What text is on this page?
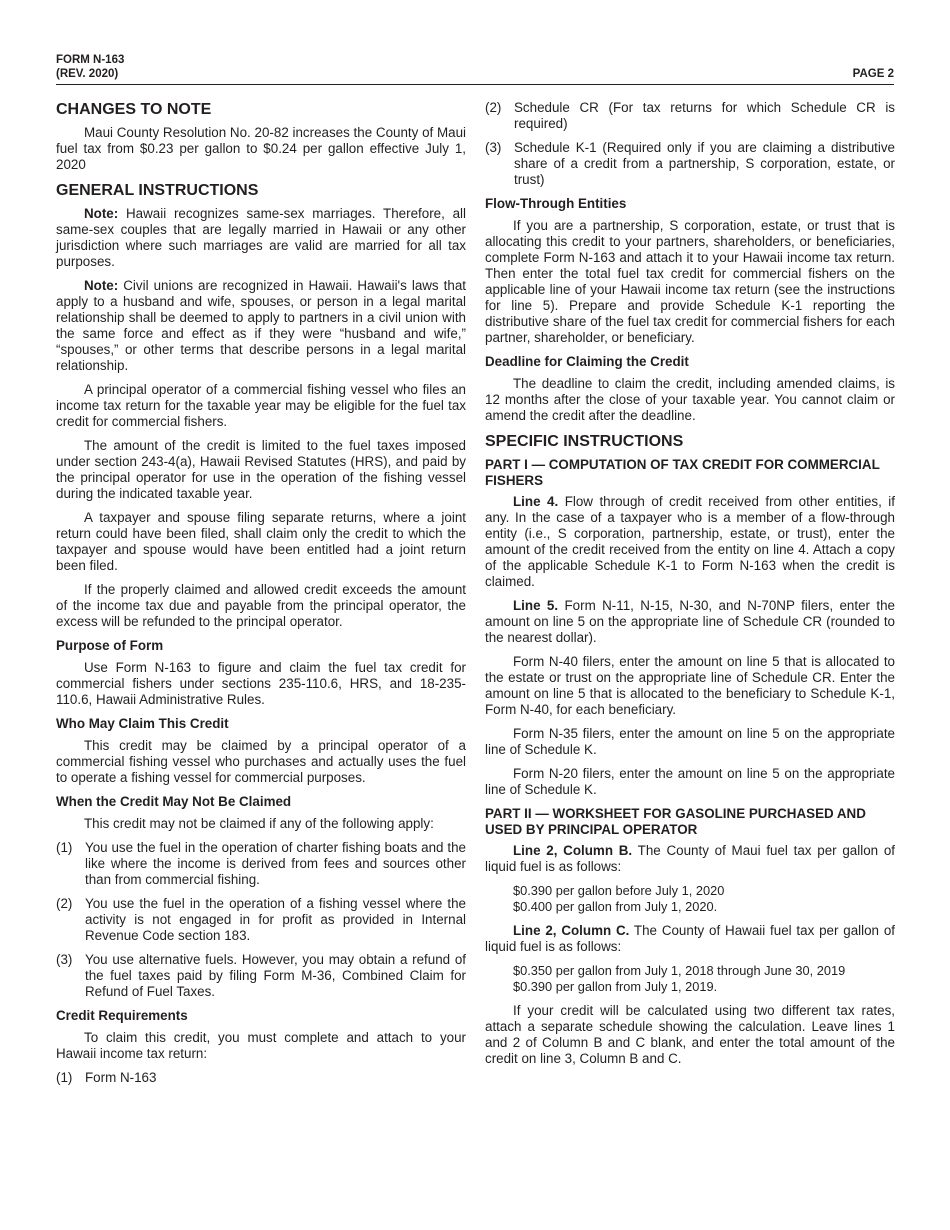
FORM N-163
(REV. 2020)	PAGE 2
CHANGES TO NOTE

Maui County Resolution No. 20-82 increases the County of Maui fuel tax from $0.23 per gallon to $0.24 per gallon effective July 1, 2020

GENERAL INSTRUCTIONS

Note: Hawaii recognizes same-sex marriages. Therefore, all same-sex couples that are legally married in Hawaii or any other jurisdiction where such marriages are valid are married for all tax purposes.

Note: Civil unions are recognized in Hawaii. Hawaii's laws that apply to a husband and wife, spouses, or person in a legal marital relationship shall be deemed to apply to partners in a civil union with the same force and effect as if they were “husband and wife,” “spouses,” or other terms that describe persons in a legal marital relationship.

A principal operator of a commercial fishing vessel who files an income tax return for the taxable year may be eligible for the fuel tax credit for commercial fishers.

The amount of the credit is limited to the fuel taxes imposed under section 243-4(a), Hawaii Revised Statutes (HRS), and paid by the principal operator for use in the operation of the fishing vessel during the indicated taxable year.

A taxpayer and spouse filing separate returns, where a joint return could have been filed, shall claim only the credit to which the taxpayer and spouse would have been entitled had a joint return been filed.

If the properly claimed and allowed credit exceeds the amount of the income tax due and payable from the principal operator, the excess will be refunded to the principal operator.

Purpose of Form

Use Form N-163 to figure and claim the fuel tax credit for commercial fishers under sections 235-110.6, HRS, and 18-235-110.6, Hawaii Administrative Rules.

Who May Claim This Credit

This credit may be claimed by a principal operator of a commercial fishing vessel who purchases and actually uses the fuel to operate a fishing vessel for commercial purposes.

When the Credit May Not Be Claimed

This credit may not be claimed if any of the following apply:

(1) You use the fuel in the operation of charter fishing boats and the like where the income is derived from fees and sources other than from commercial fishing.
(2) You use the fuel in the operation of a fishing vessel where the activity is not engaged in for profit as provided in Internal Revenue Code section 183.
(3) You use alternative fuels. However, you may obtain a refund of the fuel taxes paid by filing Form M-36, Combined Claim for Refund of Fuel Taxes.
Credit Requirements

To claim this credit, you must complete and attach to your Hawaii income tax return:

(1) Form N-163
(2) Schedule CR (For tax returns for which Schedule CR is required)
(3) Schedule K-1 (Required only if you are claiming a distributive share of a credit from a partnership, S corporation, estate, or trust)
Flow-Through Entities

If you are a partnership, S corporation, estate, or trust that is allocating this credit to your partners, shareholders, or beneficiaries, complete Form N-163 and attach it to your Hawaii income tax return. Then enter the total fuel tax credit for commercial fishers on the applicable line of your Hawaii income tax return (see the instructions for line 5). Prepare and provide Schedule K-1 reporting the distributive share of the fuel tax credit for commercial fishers for each partner, shareholder, or beneficiary.

Deadline for Claiming the Credit

The deadline to claim the credit, including amended claims, is 12 months after the close of your taxable year. You cannot claim or amend the credit after the deadline.

SPECIFIC INSTRUCTIONS
PART I — COMPUTATION OF TAX CREDIT FOR COMMERCIAL FISHERS

Line 4. Flow through of credit received from other entities, if any. In the case of a taxpayer who is a member of a flow-through entity (i.e., S corporation, partnership, estate, or trust), enter the amount of the credit received from the entity on line 4. Attach a copy of the applicable Schedule K-1 to Form N-163 when the credit is claimed.

Line 5. Form N-11, N-15, N-30, and N-70NP filers, enter the amount on line 5 on the appropriate line of Schedule CR (rounded to the nearest dollar).

Form N-40 filers, enter the amount on line 5 that is allocated to the estate or trust on the appropriate line of Schedule CR. Enter the amount on line 5 that is allocated to the beneficiary to Schedule K-1, Form N-40, for each beneficiary.

Form N-35 filers, enter the amount on line 5 on the appropriate line of Schedule K.

Form N-20 filers, enter the amount on line 5 on the appropriate line of Schedule K.

PART II — WORKSHEET FOR GASOLINE PURCHASED AND USED BY PRINCIPAL OPERATOR

Line 2, Column B. The County of Maui fuel tax per gallon of liquid fuel is as follows:

$0.390 per gallon before July 1, 2020
$0.400 per gallon from July 1, 2020.

Line 2, Column C. The County of Hawaii fuel tax per gallon of liquid fuel is as follows:

$0.350 per gallon from July 1, 2018 through June 30, 2019
$0.390 per gallon from July 1, 2019.

If your credit will be calculated using two different tax rates, attach a separate schedule showing the calculation. Leave lines 1 and 2 of Column B and C blank, and enter the total amount of the credit on line 3, Column B and C.
